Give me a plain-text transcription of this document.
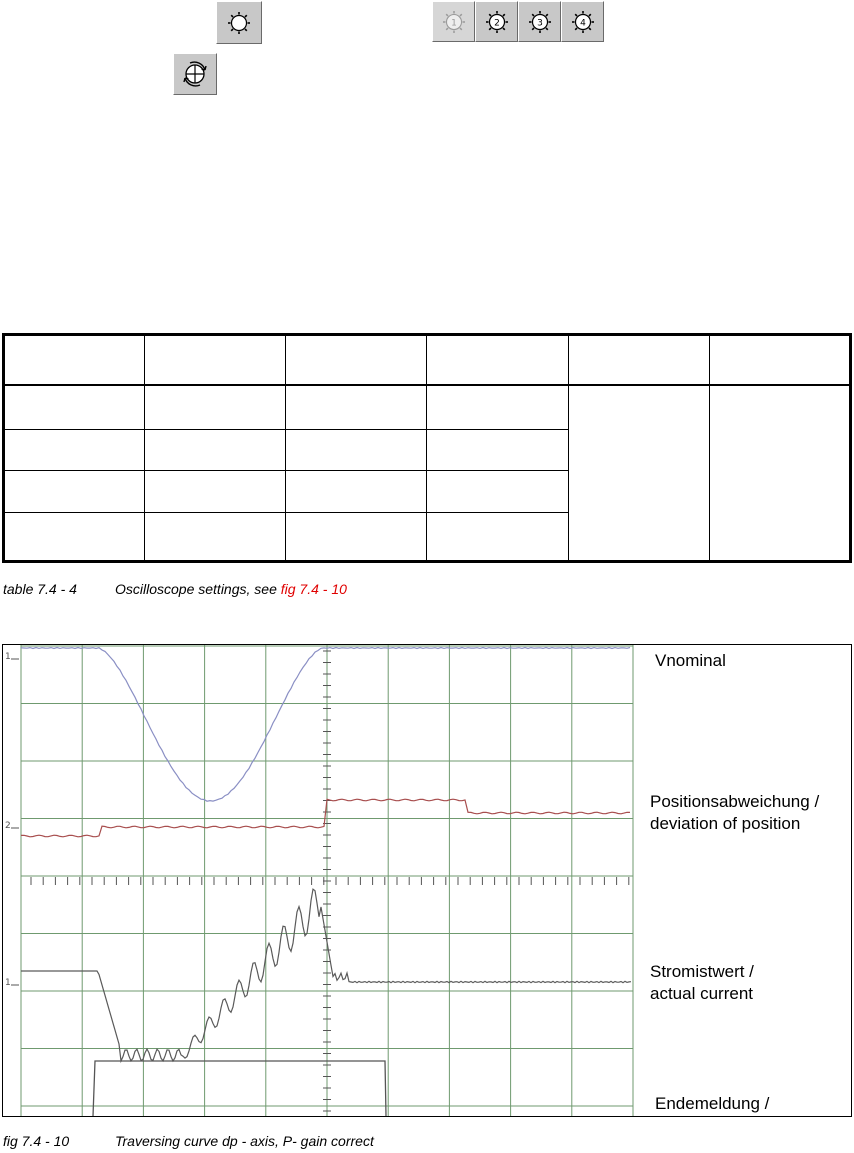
1	2	3	4

table 7.4 - 4	Oscilloscope settings, see fig 7.4 - 10
1
2
1
Vnominal
Positionsabweichung /
deviation of position
Stromistwert /
actual current
Endemeldung /
fig 7.4 - 10	Traversing curve dp - axis, P- gain correct
